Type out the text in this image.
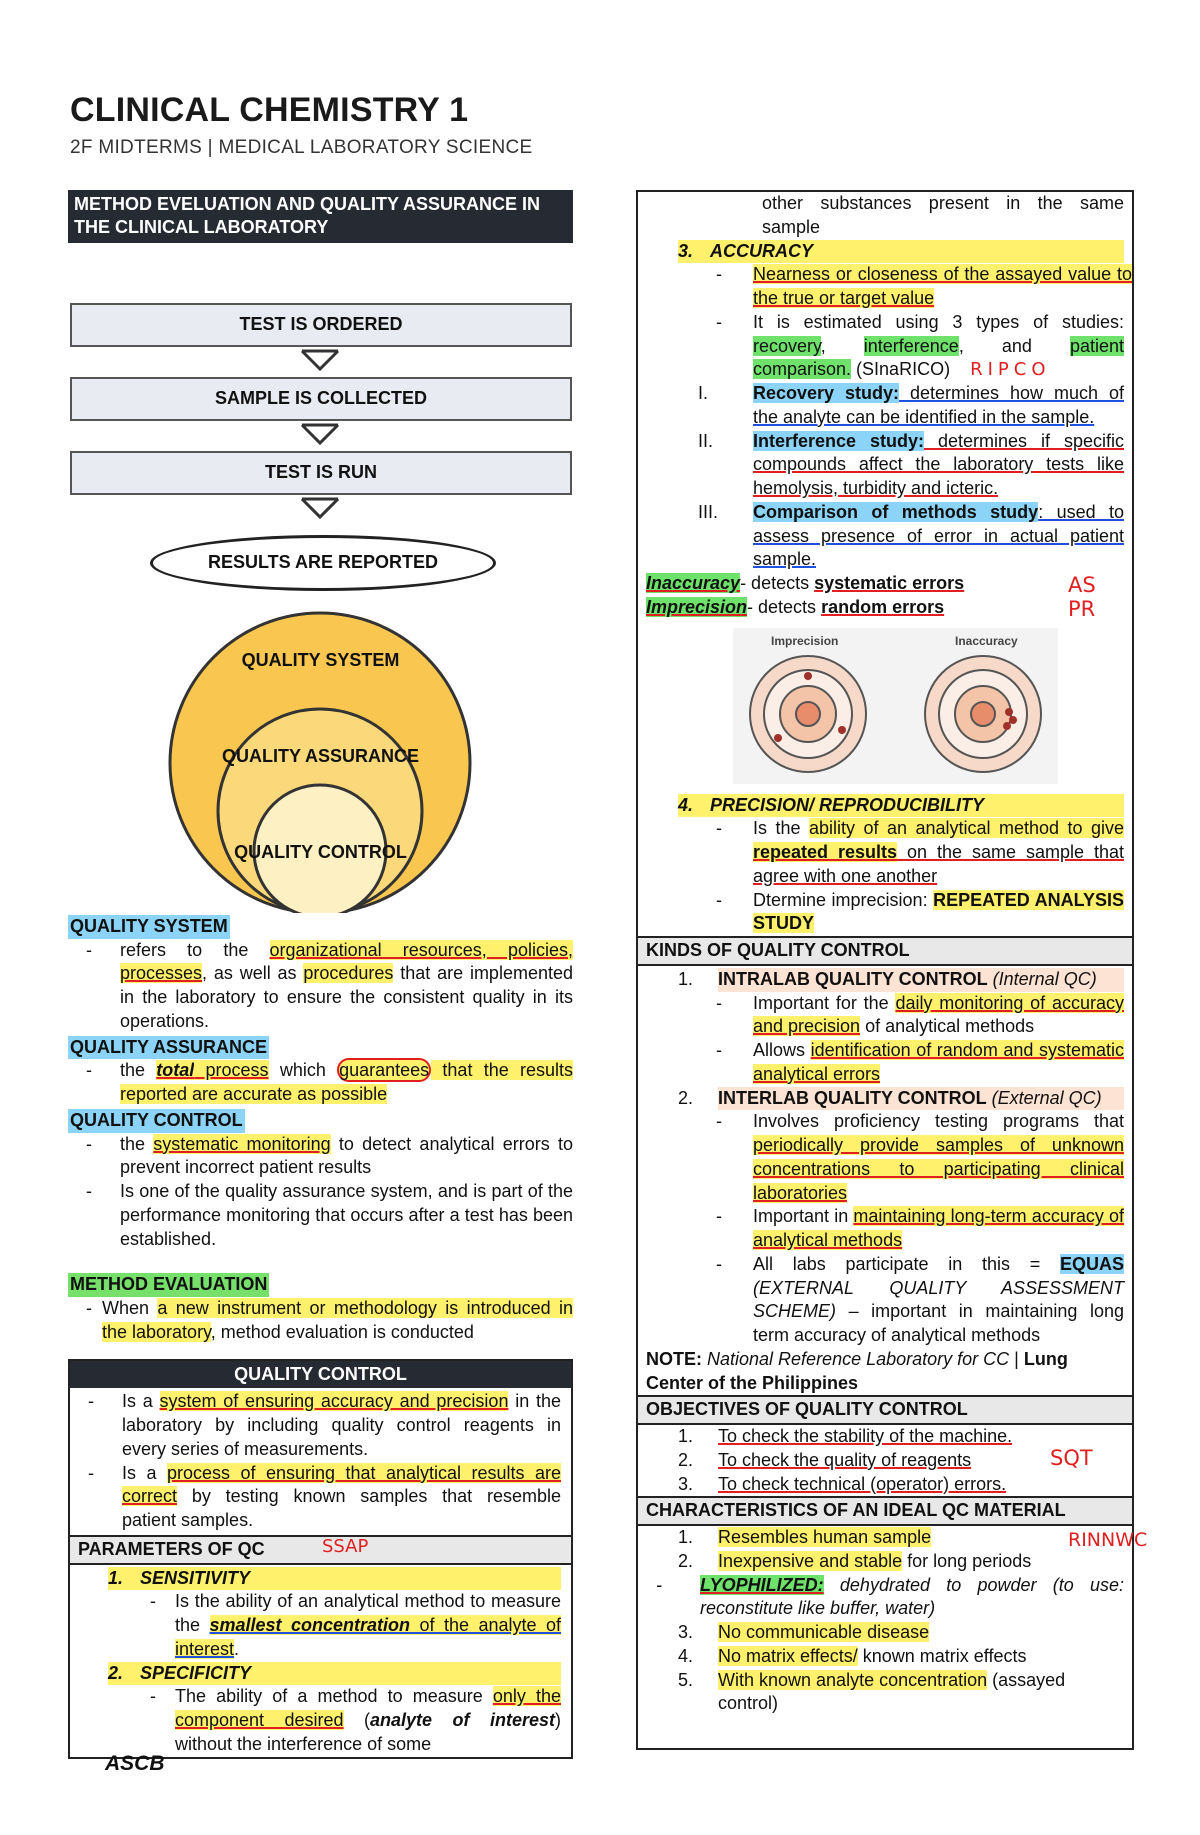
CLINICAL CHEMISTRY 1
2F MIDTERMS | MEDICAL LABORATORY SCIENCE
METHOD EVELUATION AND QUALITY ASSURANCE IN THE CLINICAL LABORATORY
TEST IS ORDERED
SAMPLE IS COLLECTED
TEST IS RUN
RESULTS ARE REPORTED
QUALITY SYSTEM
QUALITY ASSURANCE
QUALITY CONTROL
QUALITY SYSTEM
- refers to the organizational resources, policies, processes, as well as procedures that are implemented in the laboratory to ensure the consistent quality in its operations.
QUALITY ASSURANCE
- the total process which guarantees that the results reported are accurate as possible
QUALITY CONTROL
- the systematic monitoring to detect analytical errors to prevent incorrect patient results
- Is one of the quality assurance system, and is part of the performance monitoring that occurs after a test has been established.
METHOD EVALUATION
- When a new instrument or methodology is introduced in the laboratory, method evaluation is conducted
QUALITY CONTROL
- Is a system of ensuring accuracy and precision in the laboratory by including quality control reagents in every series of measurements.
- Is a process of ensuring that analytical results are correct by testing known samples that resemble patient samples.
PARAMETERS OF QC	SSAP
1. SENSITIVITY
- Is the ability of an analytical method to measure the smallest concentration of the analyte of interest.
2. SPECIFICITY
- The ability of a method to measure only the component desired (analyte of interest) without the interference of some
other substances present in the same sample
3. ACCURACY
- Nearness or closeness of the assayed value to the true or target value
- It is estimated using 3 types of studies: recovery, interference, and patient comparison. (SInaRICO) RIPCO
I. Recovery study: determines how much of the analyte can be identified in the sample.
II. Interference study: determines if specific compounds affect the laboratory tests like hemolysis, turbidity and icteric.
III. Comparison of methods study: used to assess presence of error in actual patient sample.
Inaccuracy- detects systematic errors	AS
Imprecision- detects random errors	PR
Imprecision	Inaccuracy
4. PRECISION/ REPRODUCIBILITY
- Is the ability of an analytical method to give repeated results on the same sample that agree with one another
- Dtermine imprecision: REPEATED ANALYSIS STUDY
KINDS OF QUALITY CONTROL
1. INTRALAB QUALITY CONTROL (Internal QC)
- Important for the daily monitoring of accuracy and precision of analytical methods
- Allows identification of random and systematic analytical errors
2. INTERLAB QUALITY CONTROL (External QC)
- Involves proficiency testing programs that periodically provide samples of unknown concentrations to participating clinical laboratories
- Important in maintaining long-term accuracy of analytical methods
- All labs participate in this = EQUAS (EXTERNAL QUALITY ASSESSMENT SCHEME) – important in maintaining long term accuracy of analytical methods
NOTE: National Reference Laboratory for CC | Lung Center of the Philippines
OBJECTIVES OF QUALITY CONTROL
1. To check the stability of the machine.
2. To check the quality of reagents
3. To check technical (operator) errors.
SQT
CHARACTERISTICS OF AN IDEAL QC MATERIAL
RINNWC
1. Resembles human sample
2. Inexpensive and stable for long periods
- LYOPHILIZED: dehydrated to powder (to use: reconstitute like buffer, water)
3. No communicable disease
4. No matrix effects/ known matrix effects
5. With known analyte concentration (assayed control)
ASCB
